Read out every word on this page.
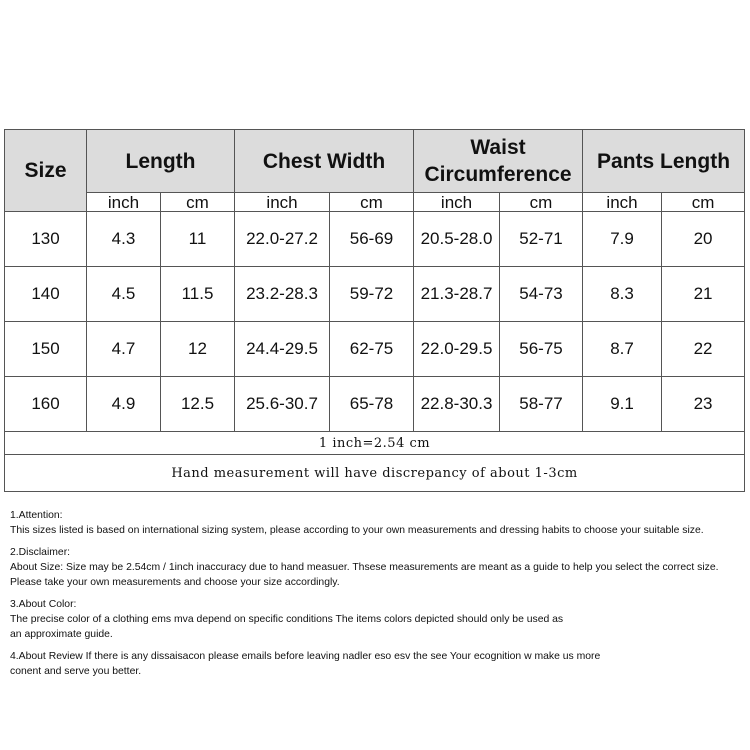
Size	Length		Chest Width		Waist Circumference		Pants Length	
	inch	cm	inch	cm	inch	cm	inch	cm
130	4.3	11	22.0-27.2	56-69	20.5-28.0	52-71	7.9	20
140	4.5	11.5	23.2-28.3	59-72	21.3-28.7	54-73	8.3	21
150	4.7	12	24.4-29.5	62-75	22.0-29.5	56-75	8.7	22
160	4.9	12.5	25.6-30.7	65-78	22.8-30.3	58-77	9.1	23
1 inch=2.54 cm								
Hand measurement will have discrepancy of about 1-3cm								
1.Attention:
This sizes listed is based on international sizing system, please according to your own measurements and dressing habits to choose your suitable size.
2.Disclaimer:
About Size: Size may be 2.54cm / 1inch inaccuracy due to hand measuer. Thsese measurements are meant as a guide to help you select the correct size.
Please take your own measurements and choose your size accordingly.
3.About Color:
The precise color of a clothing ems mva depend on specific conditions The items colors depicted should only be used as
an approximate guide.
4.About Review If there is any dissaisacon please emails before leaving nadler eso esv the see Your ecognition w make us more
conent and serve you better.
